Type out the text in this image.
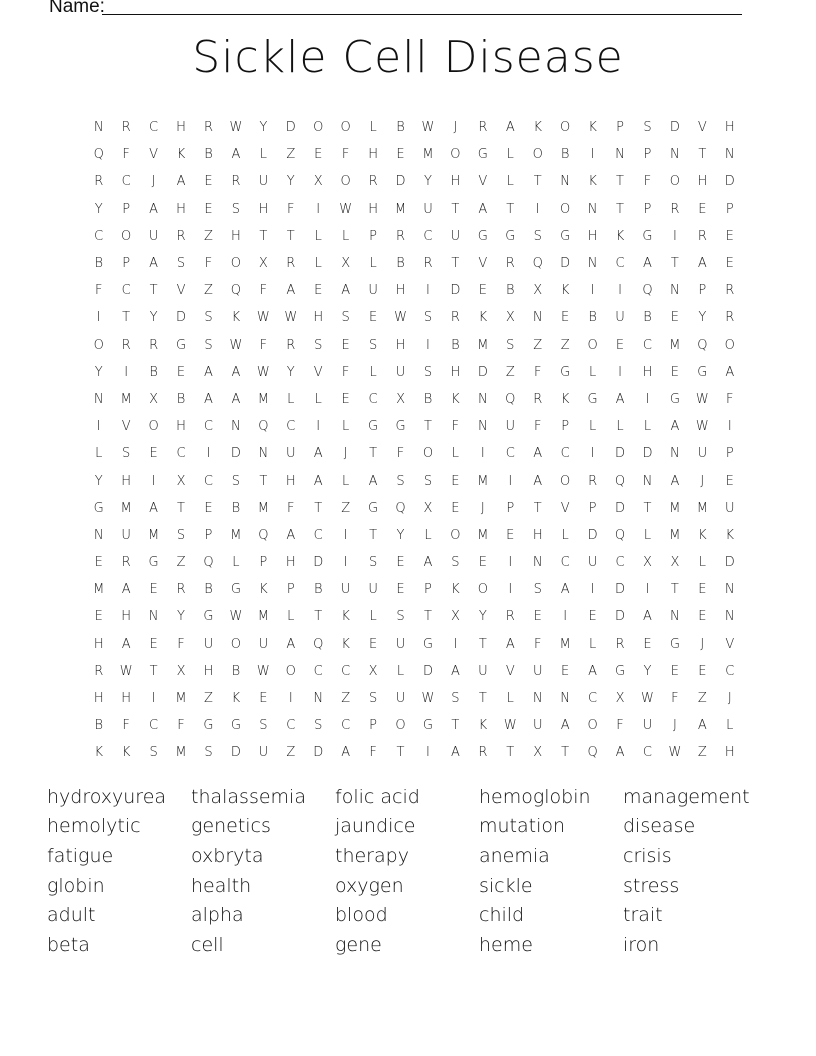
Name:
Sickle Cell Disease
N	R	C	H	R	W	Y	D	O	O	L	B	W	J	R	A	K	O	K	P	S	D	V	H
Q	F	V	K	B	A	L	Z	E	F	H	E	M	O	G	L	O	B	I	N	P	N	T	N
R	C	J	A	E	R	U	Y	X	O	R	D	Y	H	V	L	T	N	K	T	F	O	H	D
Y	P	A	H	E	S	H	F	I	W	H	M	U	T	A	T	I	O	N	T	P	R	E	P
C	O	U	R	Z	H	T	T	L	L	P	R	C	U	G	G	S	G	H	K	G	I	R	E
B	P	A	S	F	O	X	R	L	X	L	B	R	T	V	R	Q	D	N	C	A	T	A	E
F	C	T	V	Z	Q	F	A	E	A	U	H	I	D	E	B	X	K	I	I	Q	N	P	R
I	T	Y	D	S	K	W	W	H	S	E	W	S	R	K	X	N	E	B	U	B	E	Y	R
O	R	R	G	S	W	F	R	S	E	S	H	I	B	M	S	Z	Z	O	E	C	M	Q	O
Y	I	B	E	A	A	W	Y	V	F	L	U	S	H	D	Z	F	G	L	I	H	E	G	A
N	M	X	B	A	A	M	L	L	E	C	X	B	K	N	Q	R	K	G	A	I	G	W	F
I	V	O	H	C	N	Q	C	I	L	G	G	T	F	N	U	F	P	L	L	L	A	W	I
L	S	E	C	I	D	N	U	A	J	T	F	O	L	I	C	A	C	I	D	D	N	U	P
Y	H	I	X	C	S	T	H	A	L	A	S	S	E	M	I	A	O	R	Q	N	A	J	E
G	M	A	T	E	B	M	F	T	Z	G	Q	X	E	J	P	T	V	P	D	T	M	M	U
N	U	M	S	P	M	Q	A	C	I	T	Y	L	O	M	E	H	L	D	Q	L	M	K	K
E	R	G	Z	Q	L	P	H	D	I	S	E	A	S	E	I	N	C	U	C	X	X	L	D
M	A	E	R	B	G	K	P	B	U	U	E	P	K	O	I	S	A	I	D	I	T	E	N
E	H	N	Y	G	W	M	L	T	K	L	S	T	X	Y	R	E	I	E	D	A	N	E	N
H	A	E	F	U	O	U	A	Q	K	E	U	G	I	T	A	F	M	L	R	E	G	J	V
R	W	T	X	H	B	W	O	C	C	X	L	D	A	U	V	U	E	A	G	Y	E	E	C
H	H	I	M	Z	K	E	I	N	Z	S	U	W	S	T	L	N	N	C	X	W	F	Z	J
B	F	C	F	G	G	S	C	S	C	P	O	G	T	K	W	U	A	O	F	U	J	A	L
K	K	S	M	S	D	U	Z	D	A	F	T	I	A	R	T	X	T	Q	A	C	W	Z	H
hydroxyurea	thalassemia	folic acid	hemoglobin	management
hemolytic	genetics	jaundice	mutation	disease
fatigue	oxbryta	therapy	anemia	crisis
globin	health	oxygen	sickle	stress
adult	alpha	blood	child	trait
beta	cell	gene	heme	iron
